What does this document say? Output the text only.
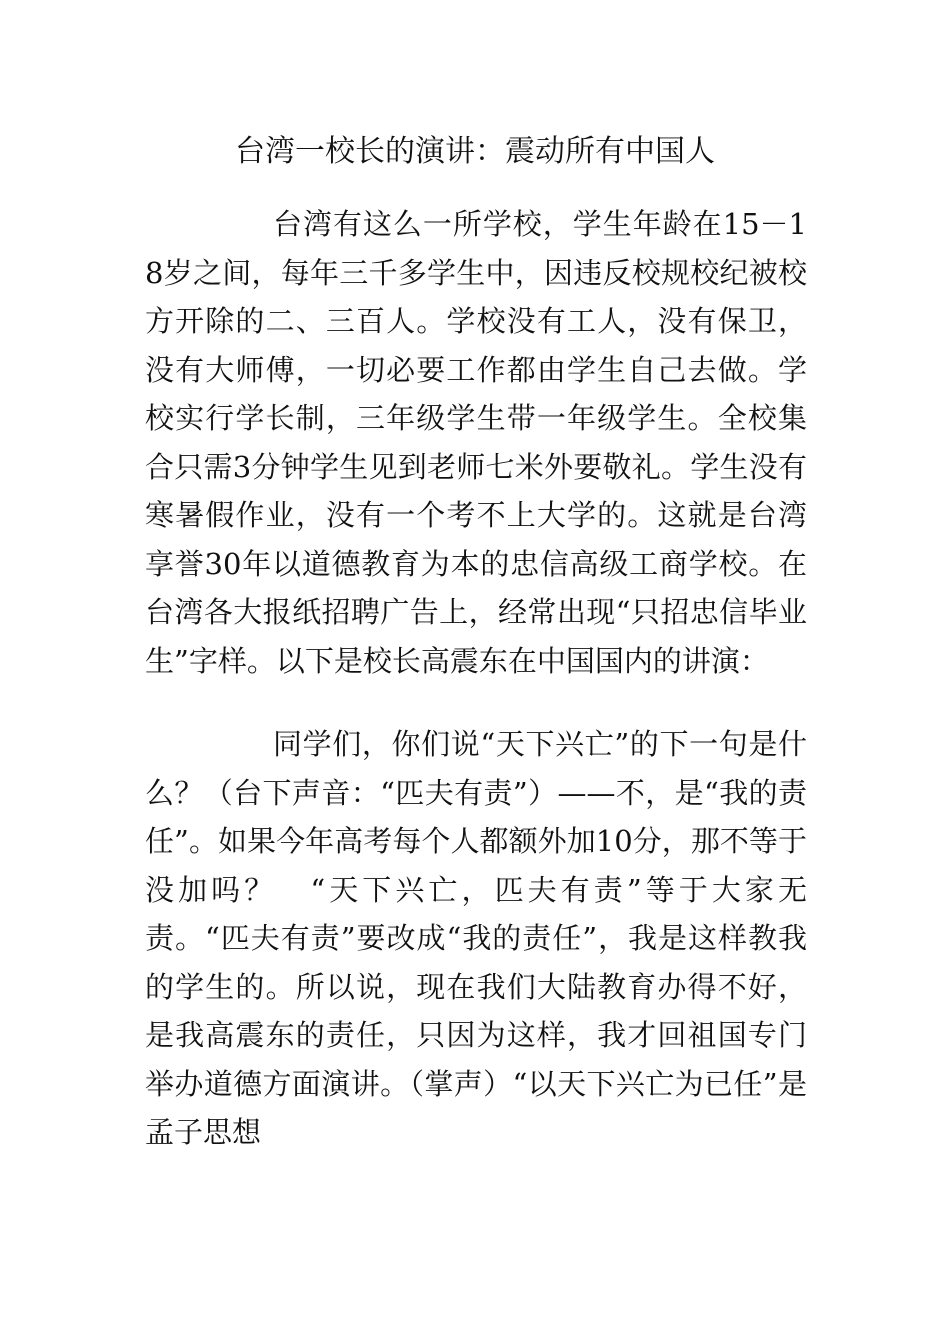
台湾一校长的演讲：震动所有中国人

台湾有这么一所学校，学生年龄在15－18岁之间，每年三千多学生中，因违反校规校纪被校方开除的二、三百人。学校没有工人，没有保卫，没有大师傅，一切必要工作都由学生自己去做。学校实行学长制，三年级学生带一年级学生。全校集合只需3分钟学生见到老师七米外要敬礼。学生没有寒暑假作业，没有一个考不上大学的。这就是台湾享誉30年以道德教育为本的忠信高级工商学校。在台湾各大报纸招聘广告上，经常出现“只招忠信毕业生”字样。以下是校长高震东在中国国内的讲演：

同学们，你们说“天下兴亡”的下一句是什么？（台下声音：“匹夫有责”）——不，是“我的责任”。如果今年高考每个人都额外加10分，那不等于没加吗？　“天下兴亡，匹夫有责”等于大家无责。“匹夫有责”要改成“我的责任”，我是这样教我的学生的。所以说，现在我们大陆教育办得不好，是我高震东的责任，只因为这样，我才回祖国专门举办道德方面演讲。（掌声）“以天下兴亡为已任”是孟子思想
